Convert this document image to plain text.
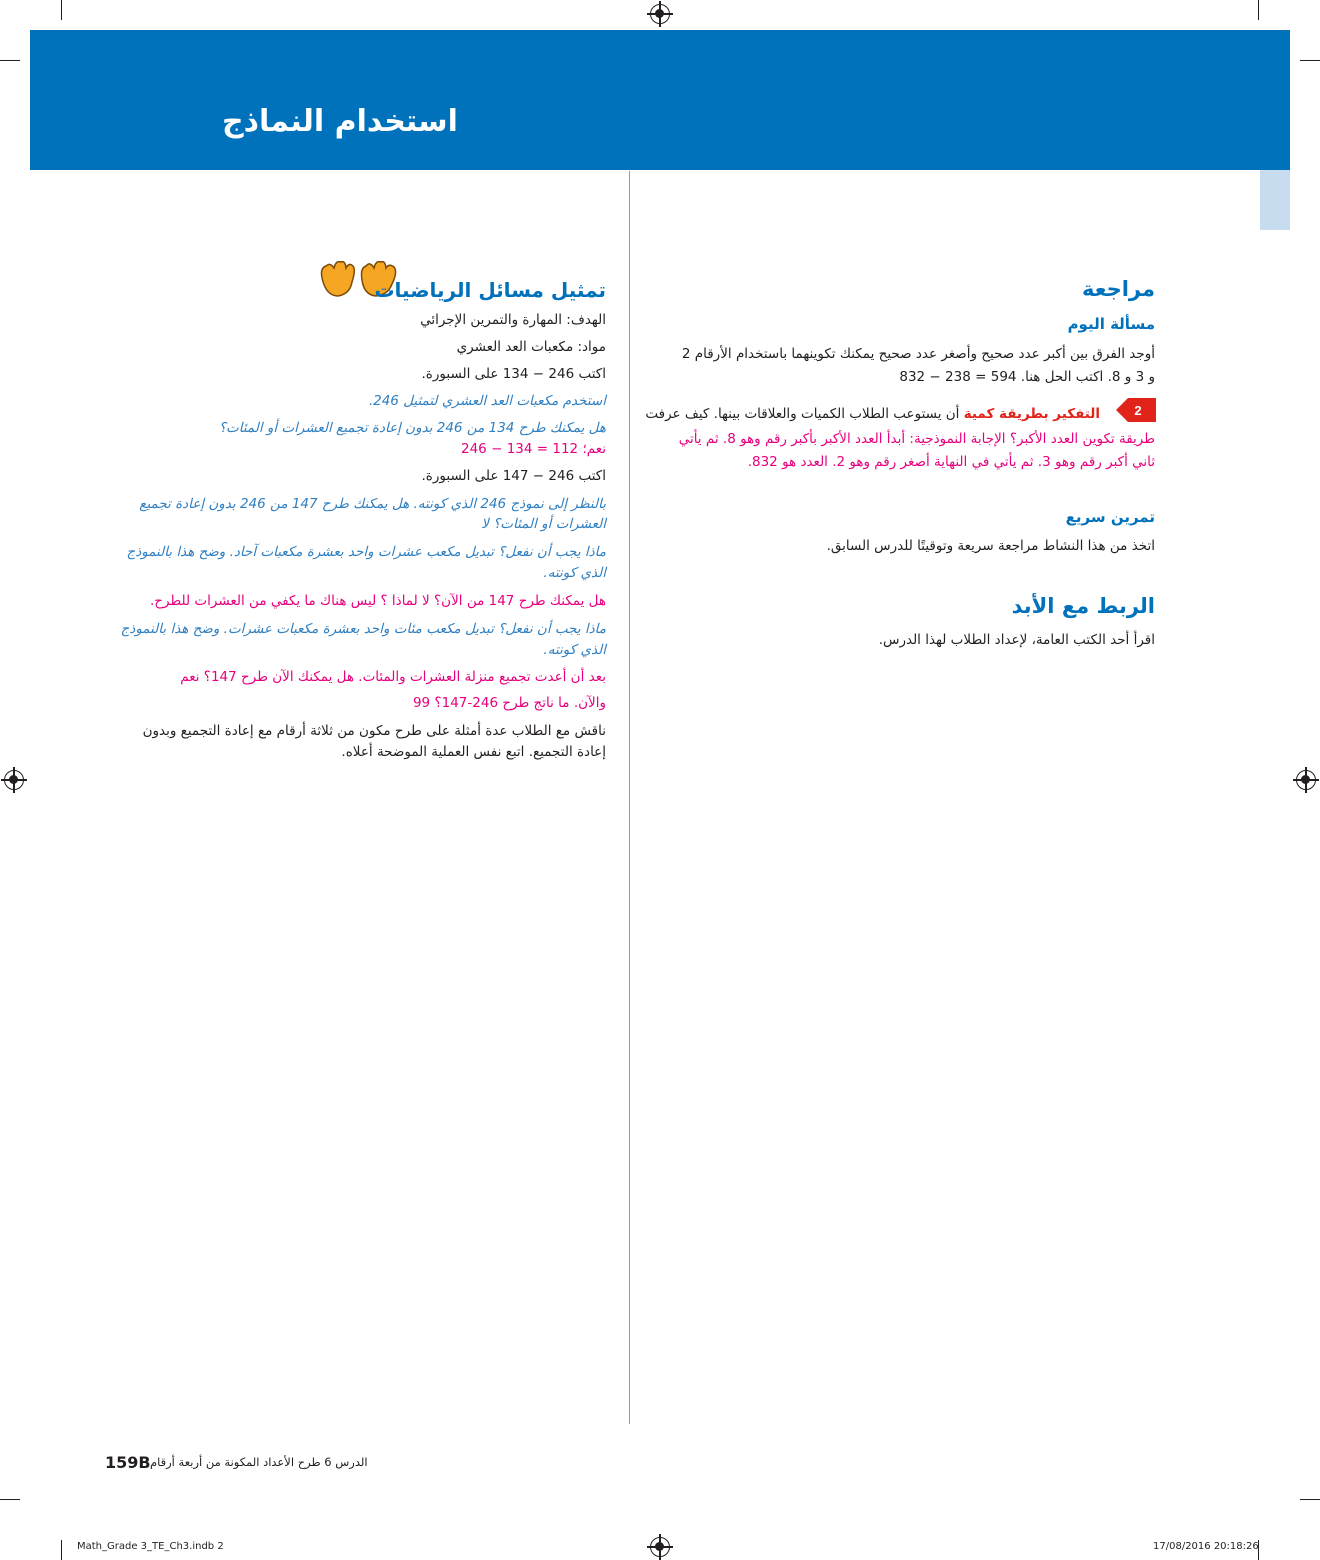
استخدام النماذج
مراجعة
مسألة اليوم
أوجد الفرق بين أكبر عدد صحيح وأصغر عدد صحيح يمكنك تكوينهما باستخدام الأرقام 2
و 3 و 8. اكتب الحل هنا. 594 = 238 − 832
2
التفكير بطريقة كمية أن يستوعب الطلاب الكميات والعلاقات بينها. كيف عرفت
طريقة تكوين العدد الأكبر؟ الإجابة النموذجية: أبدأ العدد الأكبر بأكبر رقم وهو 8. ثم يأتي
ثاني أكبر رقم وهو 3. ثم يأتي في النهاية أصغر رقم وهو 2. العدد هو 832.
تمرين سريع
اتخذ من هذا النشاط مراجعة سريعة وتوقيتًا للدرس السابق.
الربط مع الأبد
اقرأ أحد الكتب العامة، لإعداد الطلاب لهذا الدرس.
تمثيل مسائل الرياضيات
الهدف: المهارة والتمرين الإجرائي
مواد: مكعبات العد العشري
اكتب 246 − 134 على السبورة.
استخدم مكعبات العد العشري لتمثيل 246.
هل يمكنك طرح 134 من 246 بدون إعادة تجميع العشرات أو المئات؟
نعم؛ 112 = 134 − 246
اكتب 246 − 147 على السبورة.
بالنظر إلى نموذج 246 الذي كونته. هل يمكنك طرح 147 من 246 بدون إعادة تجميع
العشرات أو المئات؟ لا
ماذا يجب أن نفعل؟ تبديل مكعب عشرات واحد بعشرة مكعبات آحاد. وضح هذا بالنموذج
الذي كونته.
هل يمكنك طرح 147 من الآن؟ لا لماذا ؟ ليس هناك ما يكفي من العشرات للطرح.
ماذا يجب أن نفعل؟ تبديل مكعب مئات واحد بعشرة مكعبات عشرات. وضح هذا بالنموذج
الذي كونته.
بعد أن أعدت تجميع منزلة العشرات والمئات. هل يمكنك الآن طرح 147؟ نعم
والآن. ما ناتج طرح 246-147؟ 99
ناقش مع الطلاب عدة أمثلة على طرح مكون من ثلاثة أرقام مع إعادة التجميع وبدون
إعادة التجميع. اتبع نفس العملية الموضحة أعلاه.
159B الدرس 6 طرح الأعداد المكونة من أربعة أرقام
Math_Grade 3_TE_Ch3.indb 2	17/08/2016 20:18:26
